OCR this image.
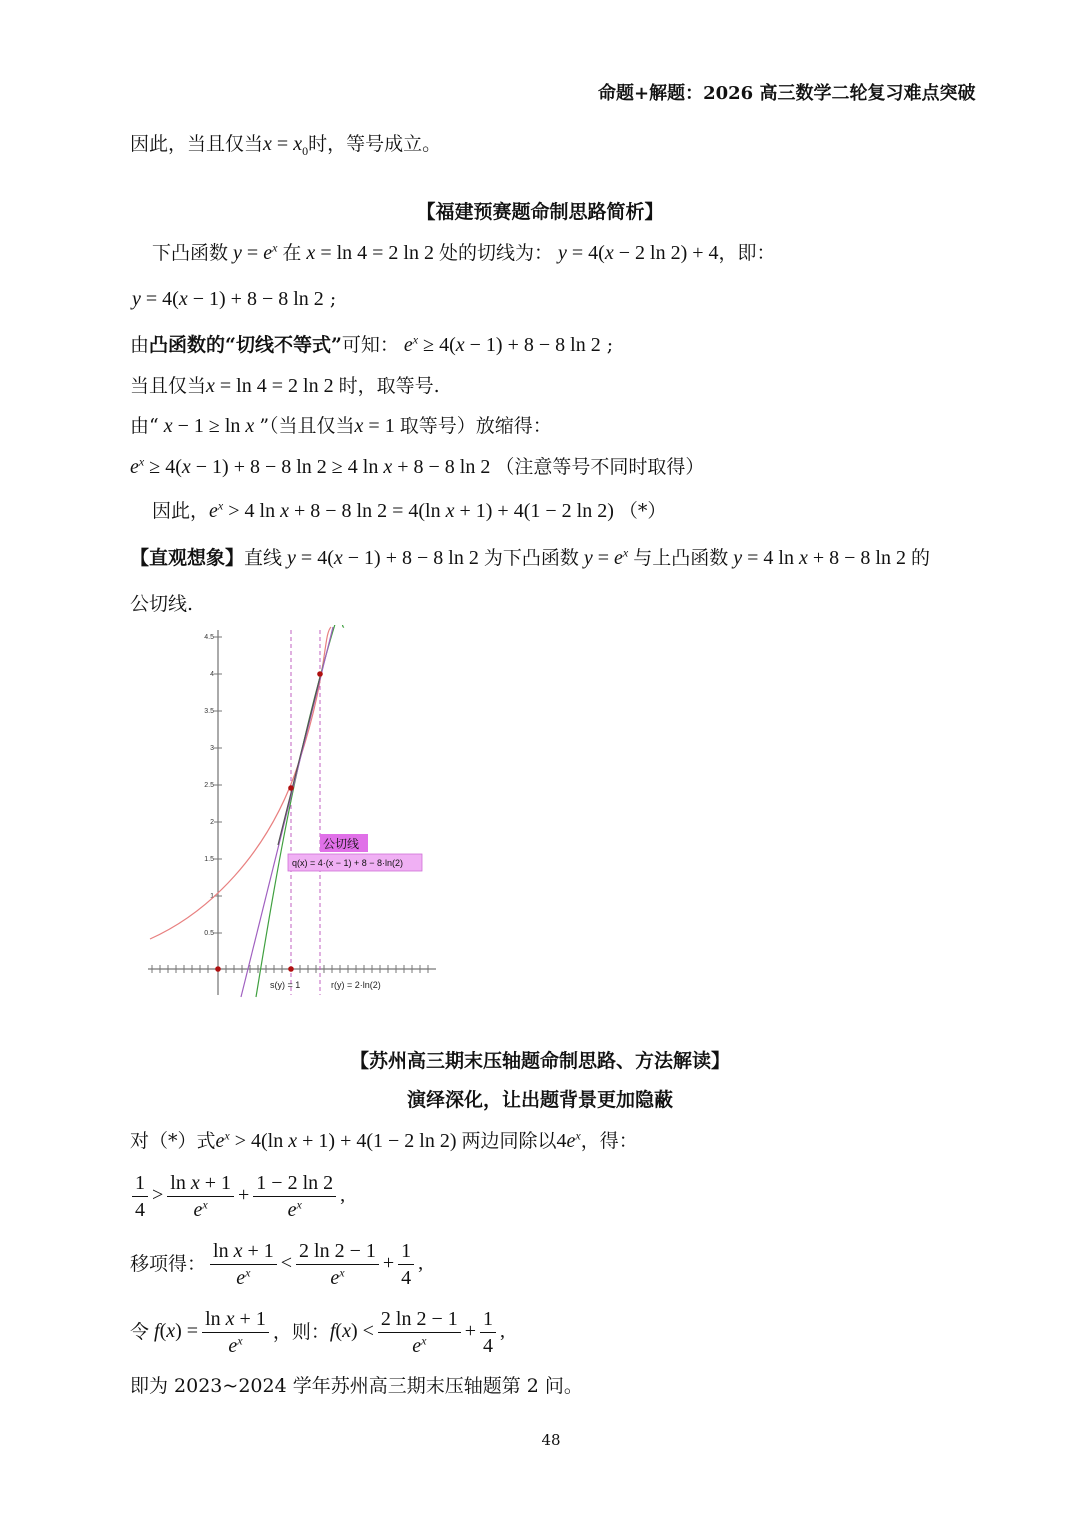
命题+解题：2026 高三数学二轮复习难点突破
因此，当且仅当$x = x_0$时，等号成立。
【福建预赛题命制思路简析】
下凸函数 $y = e^x$ 在 x = ln 4 = 2 ln 2 处的切线为： y = 4(x − 2 ln 2) + 4，即：
y = 4(x − 1) + 8 − 8 ln 2 ;
由凸函数的“切线不等式”可知： $e^x \ge 4(x - 1) + 8 - 8$ ln 2 ;
当且仅当x = ln 4 = 2 ln 2 时，取等号.
由“ x − 1 ≥ ln x ”（当且仅当x = 1 取等号）放缩得：
$e^x \ge 4(x - 1) + 8 - 8$ ln 2 ≥ 4 ln x + 8 − 8 ln 2 （注意等号不同时取得）
因此，$e^x > 4$ ln x + 8 − 8 ln 2 = 4(ln x + 1) + 4(1 − 2 ln 2) （*）
【直观想象】直线 y = 4(x − 1) + 8 − 8 ln 2 为下凸函数 $y = e^x$ 与上凸函数 y = 4 ln x + 8 − 8 ln 2 的
公切线.
4.5
4
3.5
3
2.5
2
1.5
1
0.5
公切线
q(x) = 4·(x − 1) + 8 − 8·ln(2)
s(y) = 1	r(y) = 2·ln(2)
【苏州高三期末压轴题命制思路、方法解读】
演绎深化，让出题背景更加隐蔽
对（*）式$e^x > 4(\ln$ x + 1) + 4(1 − 2 ln 2) 两边同除以$4e^x$，得：
$\frac{1}{4} > \frac{\text{ln x + 1}}{e^x} + \frac{1 - 2 \ln 2}{e^x}$ ,
移项得： $\frac{\text{ln x + 1}}{e^x} < \frac{2 \ln 2 - 1}{e^x} + \frac{1}{4}$ ,
令 $f(x) = \frac{\text{ln x + 1}}{e^x}$ ，则：$f(x) < \frac{2 \ln 2 - 1}{e^x} + \frac{1}{4}$ ,
即为 2023~2024 学年苏州高三期末压轴题第 2 问。
48
